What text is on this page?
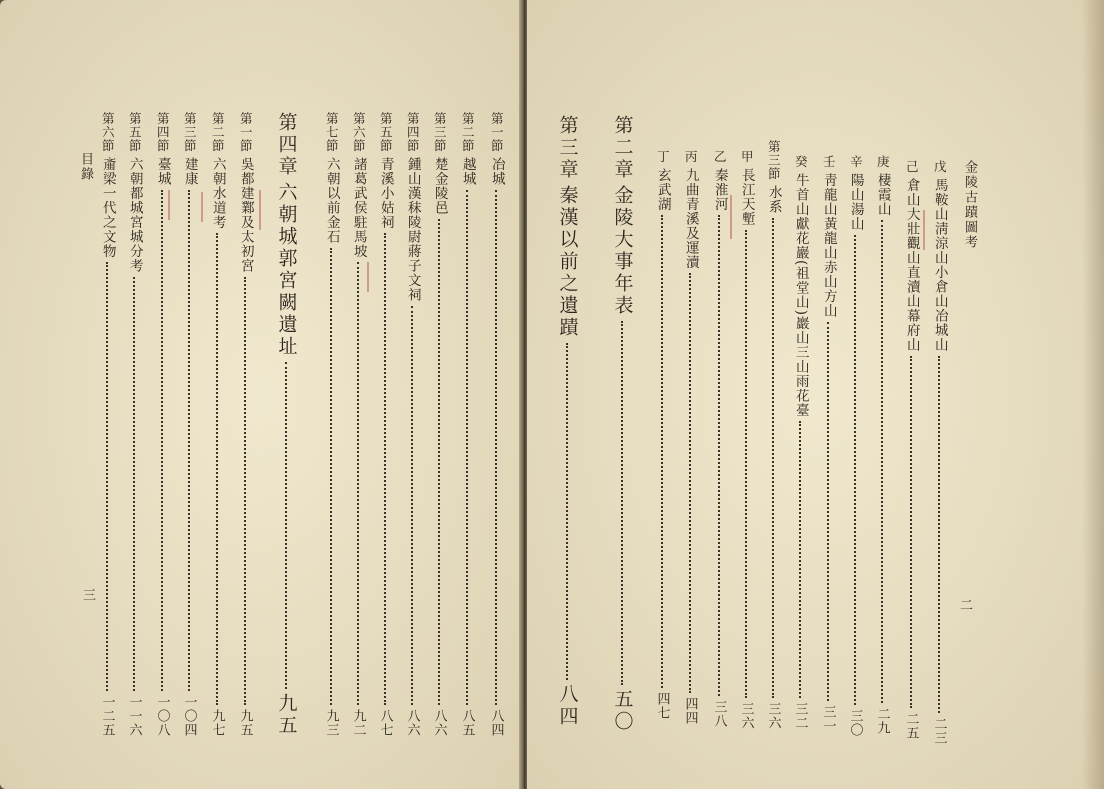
目錄
三
第一節
冶城
八四
第二節
越城
八五
第三節
楚金陵邑
八六
第四節
鍾山漢秣陵尉蔣子文祠
八六
第五節
青溪小姑祠
八七
第六節
諸葛武侯駐馬坡
九二
第七節
六朝以前金石
九三
第四章
六朝城郭宮闕遺址
九五
第一節
吳都建鄴及太初宮
九五
第二節
六朝水道考
九七
第三節
建康
一〇四
第四節
臺城
一〇八
第五節
六朝都城宮城分考
一一六
第六節
齑梁一代之文物
一二五
金陵古蹟圖考
二
戊
馬鞍山淸涼山小倉山冶城山
二三
己
倉山大壯觀山直瀆山幕府山
二五
庚
棲霞山
二九
辛
陽山湯山
三〇
壬
靑龍山黃龍山赤山方山
三一
癸
牛首山獻花巖(祖堂山)巖山三山雨花臺
三二
第三節
水系
三六
甲
長江天塹
三六
乙
秦淮河
三八
丙
九曲青溪及運瀆
四四
丁
玄武湖
四七
第二章
金陵大事年表
五〇
第三章
秦漢以前之遺蹟
八四
